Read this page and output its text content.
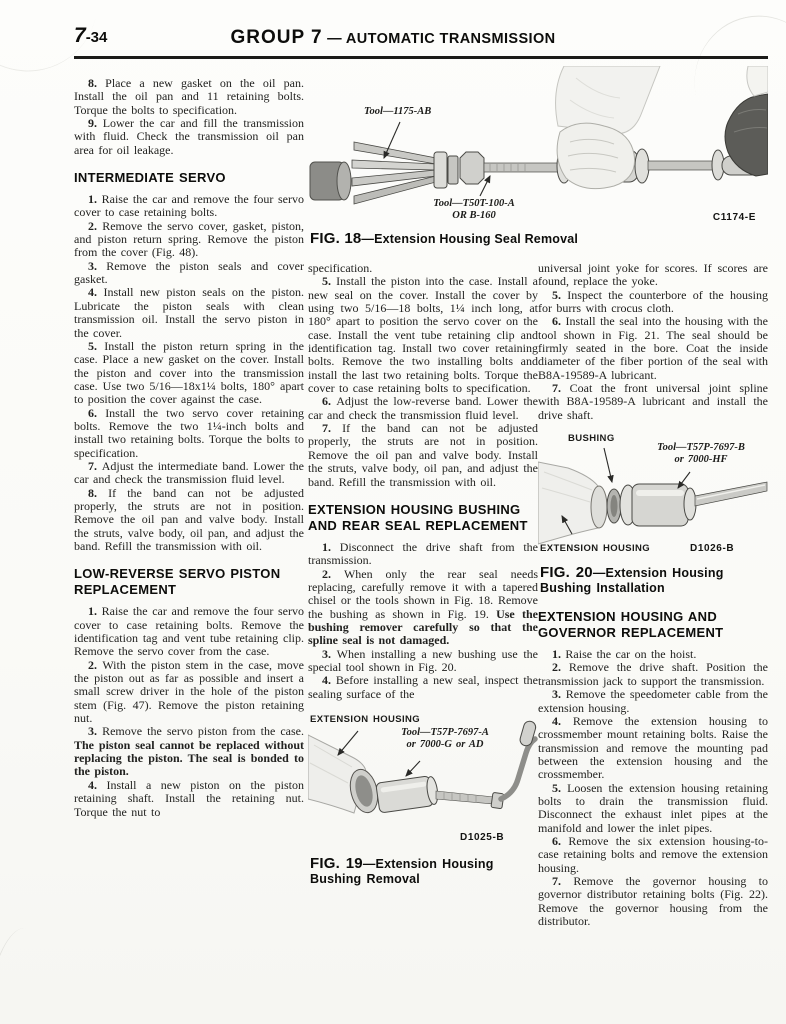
7-34	GROUP 7 — AUTOMATIC TRANSMISSION
Tool—1175-AB
Tool—T50T-100-A
OR B-160	C1174-E
FIG. 18—Extension Housing Seal Removal

8. Place a new gasket on the oil pan. Install the oil pan and 11 retaining bolts. Torque the bolts to specification.

9. Lower the car and fill the transmission with fluid. Check the transmission oil pan area for oil leakage.

INTERMEDIATE SERVO

1. Raise the car and remove the four servo cover to case retaining bolts.

2. Remove the servo cover, gasket, piston, and piston return spring. Remove the piston from the cover (Fig. 48).

3. Remove the piston seals and cover gasket.

4. Install new piston seals on the piston. Lubricate the piston seals with clean transmission oil. Install the servo piston in the cover.

5. Install the piston return spring in the case. Place a new gasket on the cover. Install the piston and cover into the transmission case. Use two 5/16—18x1¼ bolts, 180° apart to position the cover against the case.

6. Install the two servo cover retaining bolts. Remove the two 1¼-inch bolts and install two retaining bolts. Torque the bolts to specification.

7. Adjust the intermediate band. Lower the car and check the transmission fluid level.

8. If the band can not be adjusted properly, the struts are not in position. Remove the oil pan and valve body. Install the struts, valve body, oil pan, and adjust the band. Refill the transmission with oil.

LOW-REVERSE SERVO PISTON REPLACEMENT

1. Raise the car and remove the four servo cover to case retaining bolts. Remove the identification tag and vent tube retaining clip. Remove the servo cover from the case.

2. With the piston stem in the case, move the piston out as far as possible and insert a small screw driver in the hole of the piston stem (Fig. 47). Remove the piston retaining nut.

3. Remove the servo piston from the case. The piston seal cannot be replaced without replacing the piston. The seal is bonded to the piston.

4. Install a new piston on the piston retaining shaft. Install the retaining nut. Torque the nut to

specification.

5. Install the piston into the case. Install a new seal on the cover. Install the cover by using two 5/16—18 bolts, 1¼ inch long, at 180° apart to position the servo cover on the case. Install the vent tube retaining clip and identification tag. Install two cover retaining bolts. Remove the two installing bolts and install the last two retaining bolts. Torque the cover to case retaining bolts to specification.

6. Adjust the low-reverse band. Lower the car and check the transmission fluid level.

7. If the band can not be adjusted properly, the struts are not in position. Remove the oil pan and valve body. Install the struts, valve body, oil pan, and adjust the band. Refill the transmission with oil.

EXTENSION HOUSING BUSHING AND REAR SEAL REPLACEMENT

1. Disconnect the drive shaft from the transmission.

2. When only the rear seal needs replacing, carefully remove it with a tapered chisel or the tools shown in Fig. 18. Remove the bushing as shown in Fig. 19. Use the bushing remover carefully so that the spline seal is not damaged.

3. When installing a new bushing use the special tool shown in Fig. 20.

4. Before installing a new seal, inspect the sealing surface of the

EXTENSION HOUSING
Tool—T57P-7697-A
or 7000-G or AD
D1025-B
FIG. 19—Extension Housing Bushing Removal

universal joint yoke for scores. If scores are found, replace the yoke.

5. Inspect the counterbore of the housing for burrs with crocus cloth.

6. Install the seal into the housing with the tool shown in Fig. 21. The seal should be firmly seated in the bore. Coat the inside diameter of the fiber portion of the seal with B8A-19589-A lubricant.

7. Coat the front universal joint spline with B8A-19589-A lubricant and install the drive shaft.

BUSHING
Tool—T57P-7697-B
or 7000-HF
EXTENSION HOUSING	D1026-B
FIG. 20—Extension Housing Bushing Installation
EXTENSION HOUSING AND GOVERNOR REPLACEMENT

1. Raise the car on the hoist.

2. Remove the drive shaft. Position the transmission jack to support the transmission.

3. Remove the speedometer cable from the extension housing.

4. Remove the extension housing to crossmember mount retaining bolts. Raise the transmission and remove the mounting pad between the extension housing and the crossmember.

5. Loosen the extension housing retaining bolts to drain the transmission fluid. Disconnect the exhaust inlet pipes at the manifold and lower the inlet pipes.

6. Remove the six extension housing-to-case retaining bolts and remove the extension housing.

7. Remove the governor housing to governor distributor retaining bolts (Fig. 22). Remove the governor housing from the distributor.
